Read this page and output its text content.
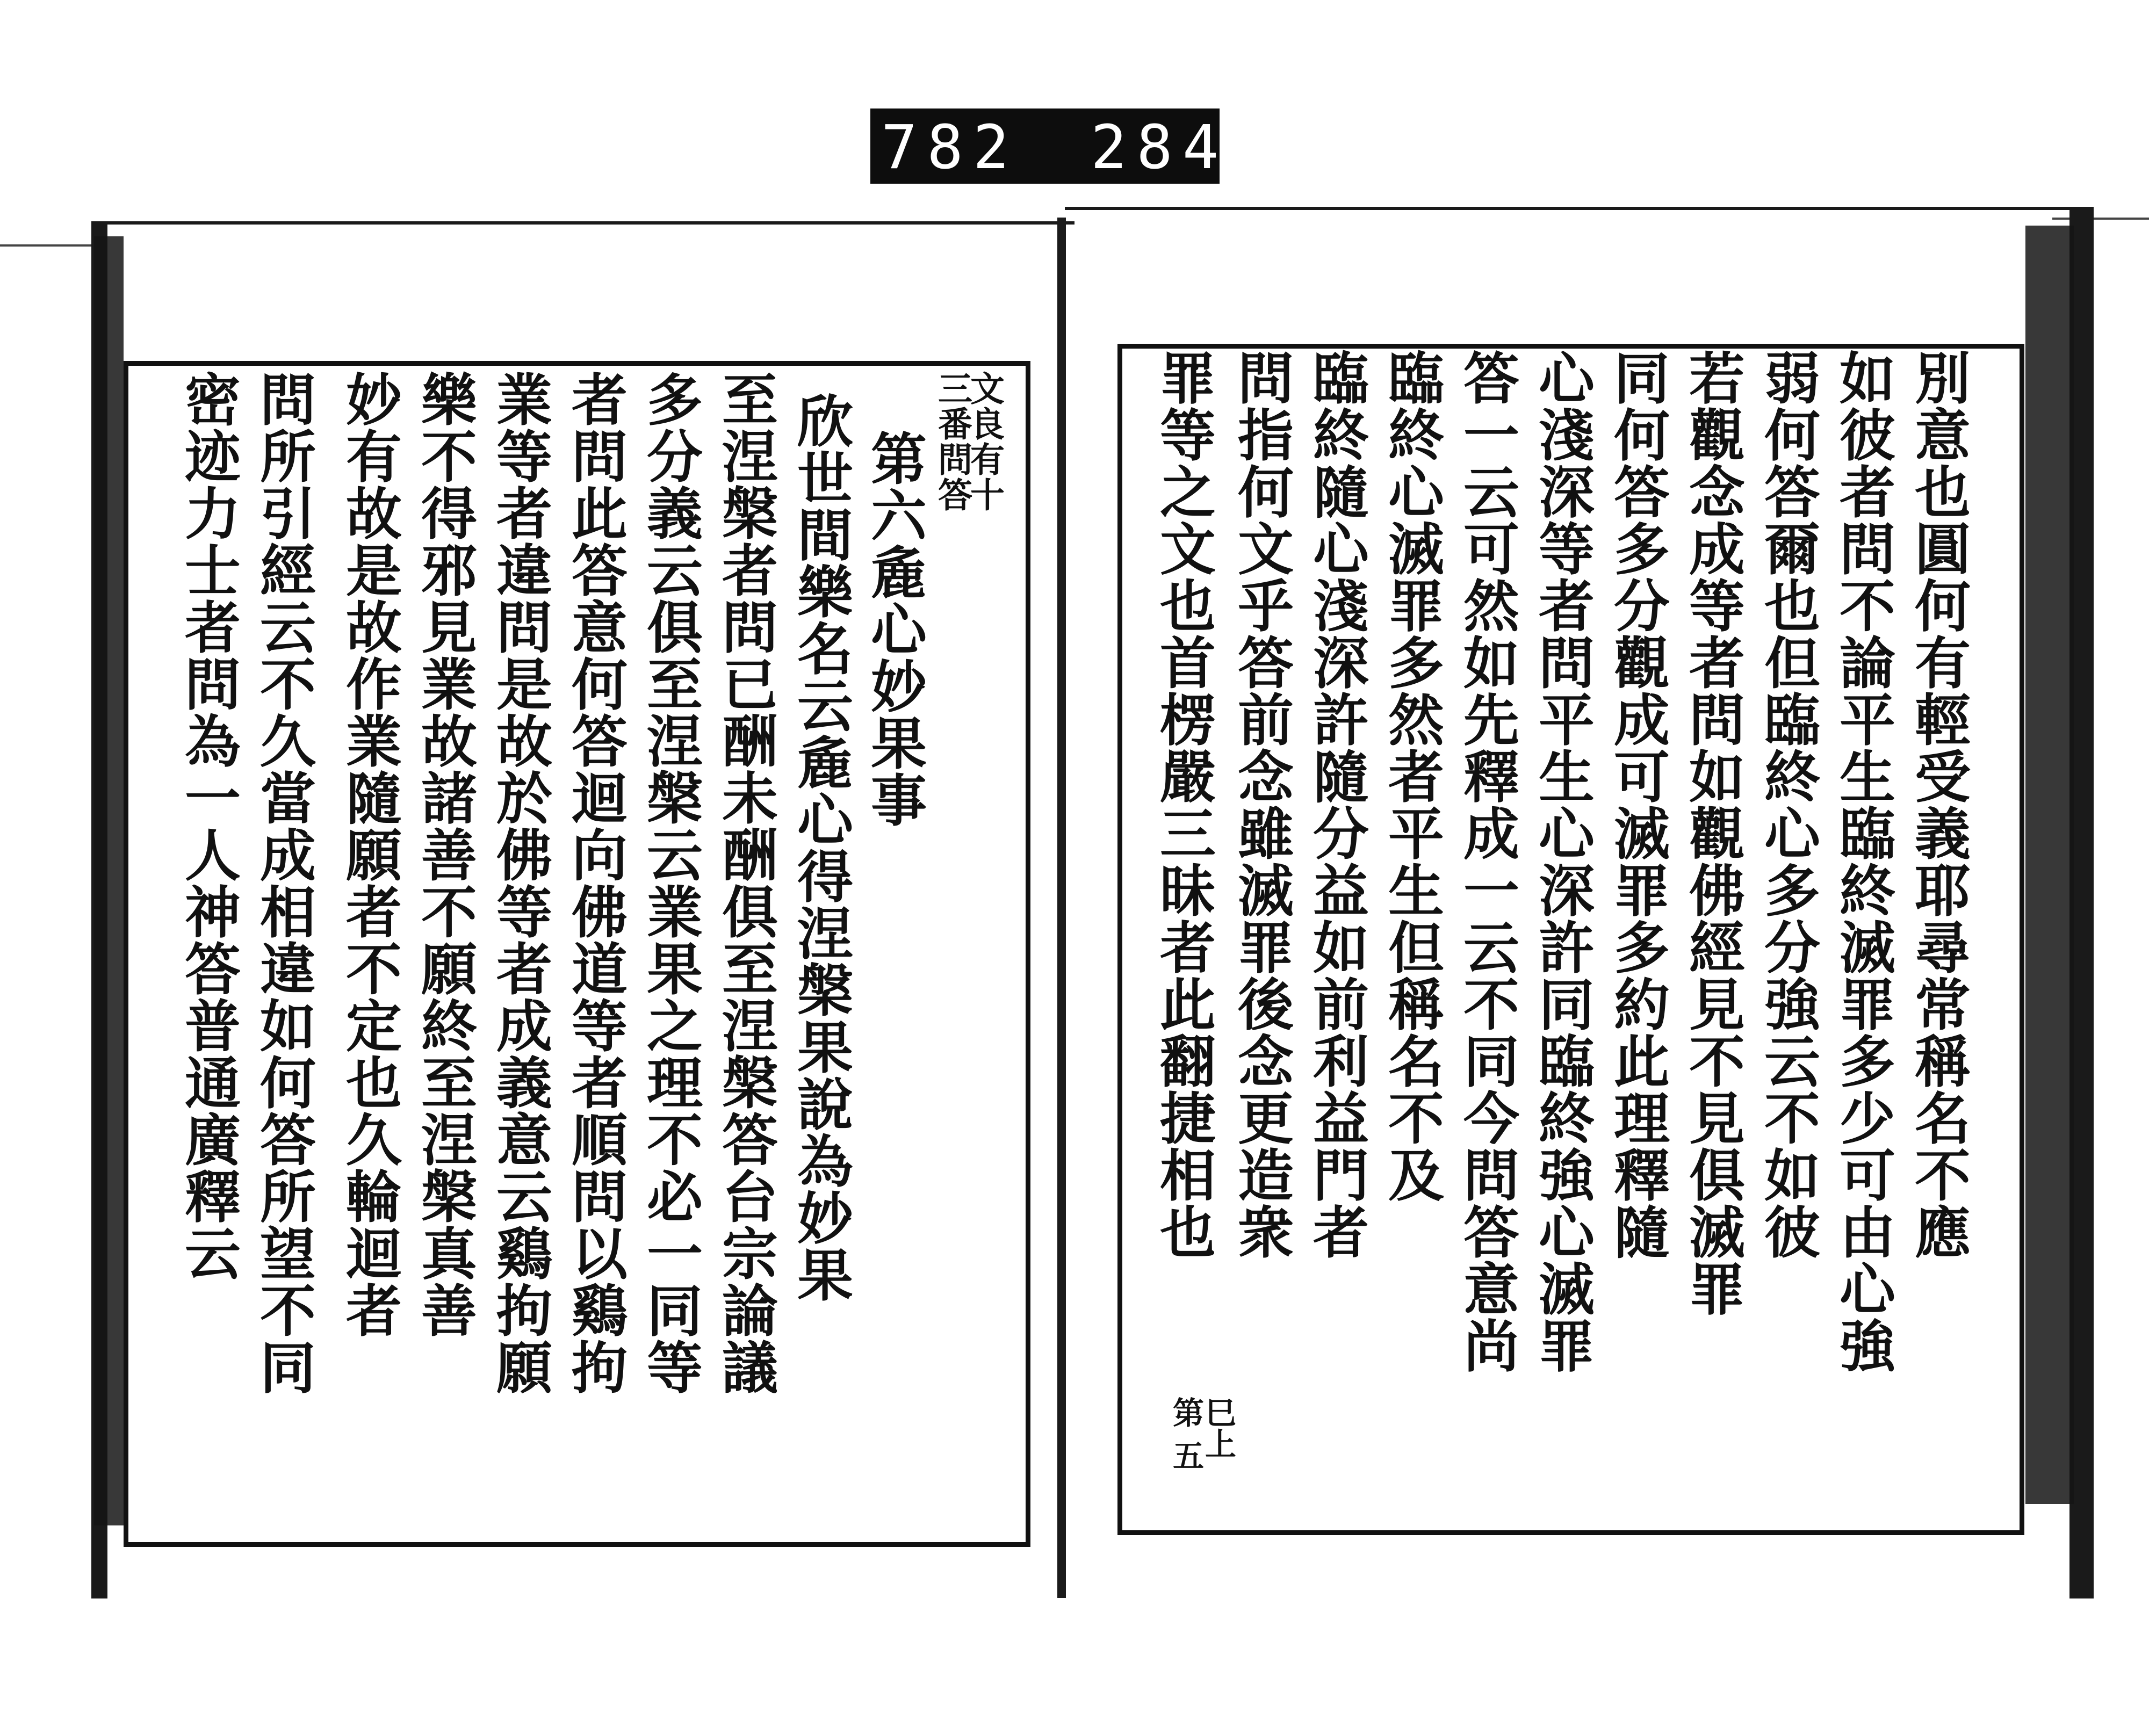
782 284
文良有十
三番問答
第六麁心妙果事
欣世間樂名云麁心得涅槃果說為妙果
至涅槃者問已酬未酬俱至涅槃答台宗論議
多分義云俱至涅槃云業果之理不必一同等
者問此答意何答迴向佛道等者順問以鷄拘
業等者違問是故於佛等者成義意云鷄拘願
樂不得邪見業故諸善不願終至涅槃真善
妙有故是故作業隨願者不定也久輪迴者
問所引經云不久當成相違如何答所望不同
密迹力士者問為一人神答普通廣釋云	別意也圓何有輕受義耶尋常稱名不應
如彼者問不論平生臨終滅罪多少可由心強
弱何答爾也但臨終心多分強云不如彼
若觀念成等者問如觀佛經見不見俱滅罪
同何答多分觀成可滅罪多約此理釋隨
心淺深等者問平生心深許同臨終強心滅罪
答一云可然如先釋成一云不同今問答意尚
臨終心滅罪多然者平生但稱名不及
臨終隨心淺深許隨分益如前利益門者
問指何文乎答前念雖滅罪後念更造衆
罪等之文也首楞嚴三昧者此翻捷相也
第
巳上
五
